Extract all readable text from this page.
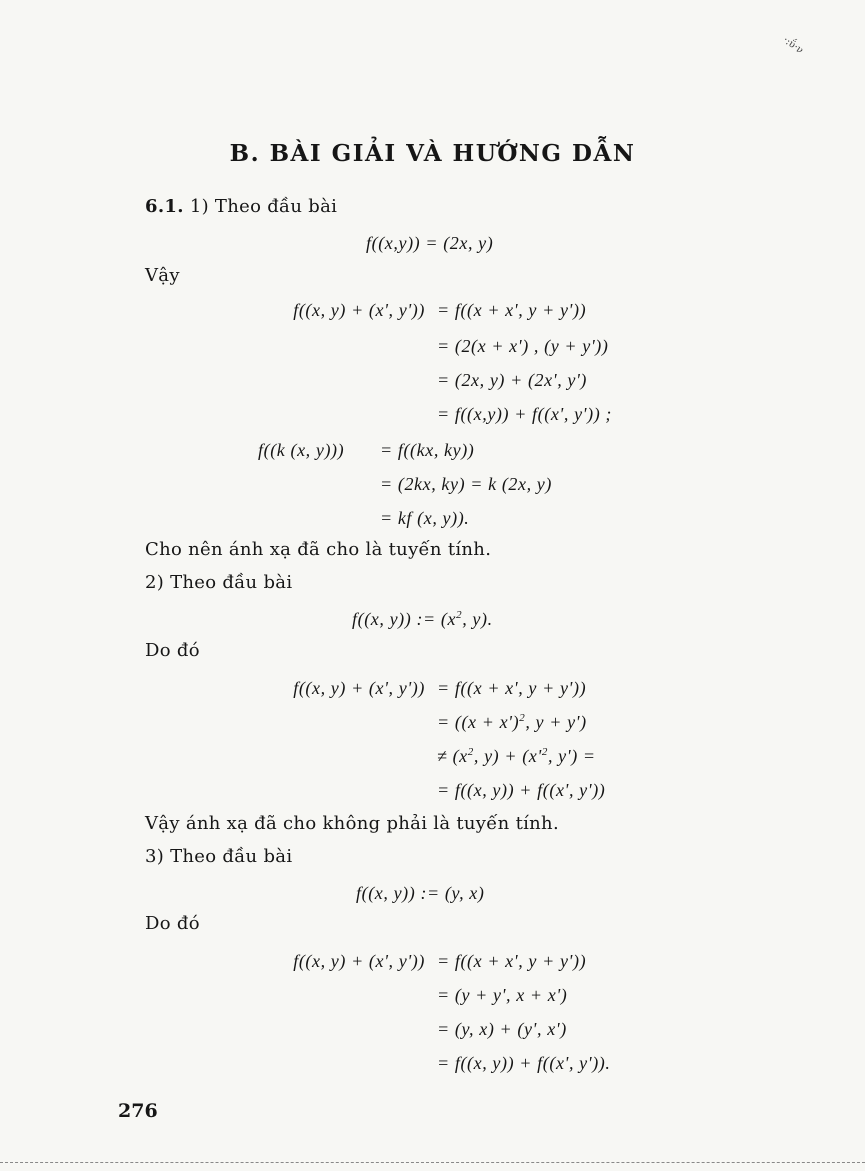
·:ΰ·ν
B. BÀI GIẢI VÀ HƯỚNG DẪN
6.1. 1) Theo đầu bài
f((x,y)) = (2x, y)
Vậy
f((x, y) + (x', y')) = f((x + x', y + y'))
= (2(x + x') , (y + y'))
= (2x, y) + (2x', y')
= f((x,y)) + f((x', y')) ;
f((k (x, y))) = f((kx, ky))
= (2kx, ky) = k (2x, y)
= kf (x, y)).
Cho nên ánh xạ đã cho là tuyến tính.
2) Theo đầu bài
f((x, y)) := ($x^2$, y).
Do đó
f((x, y) + (x', y')) = f((x + x', y + y'))
= ($(x + x')^2$, y + y')
≠ ($x^2$, $y) + (x'^2$, y') =
= f((x, y)) + f((x', y'))
Vậy ánh xạ đã cho không phải là tuyến tính.
3) Theo đầu bài
f((x, y)) := (y, x)
Do đó
f((x, y) + (x', y')) = f((x + x', y + y'))
= (y + y', x + x')
= (y, x) + (y', x')
= f((x, y)) + f((x', y')).
276
